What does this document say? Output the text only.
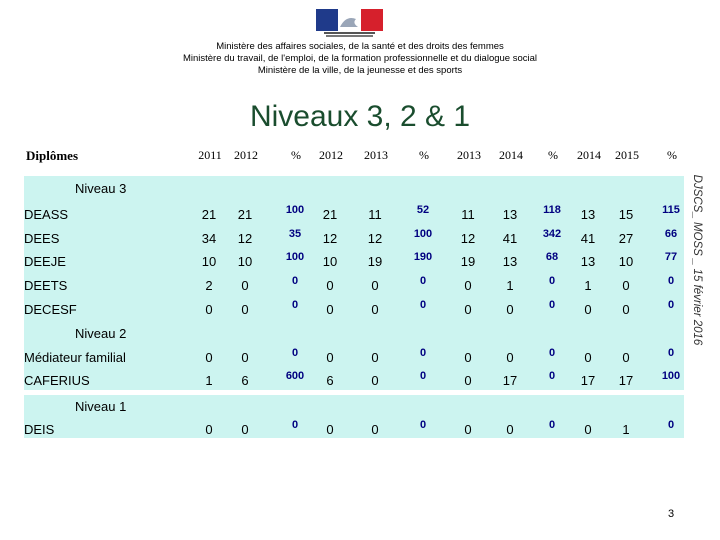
Ministère des affaires sociales, de la santé et des droits des femmes
Ministère du travail, de l'emploi, de la formation professionnelle et du dialogue social
Ministère de la ville, de la jeunesse et des sports
Niveaux 3, 2 & 1
Diplômes	2011	2012	%	2012	2013	%	2013	2014	%	2014	2015	%
Niveau 3
DEASS	21	21	100	21	11	52	11	13	118	13	15	115
DEES	34	12	35	12	12	100	12	41	342	41	27	66
DEEJE	10	10	100	10	19	190	19	13	68	13	10	77
DEETS	2	0	0	0	0	0	0	1	0	1	0	0
DECESF	0	0	0	0	0	0	0	0	0	0	0	0
Niveau 2
Médiateur familial	0	0	0	0	0	0	0	0	0	0	0	0
CAFERIUS	1	6	600	6	0	0	0	17	0	17	17	100
Niveau 1
DEIS	0	0	0	0	0	0	0	0	0	0	1	0
DJSCS_ MOSS _ 15 février 2016
3
